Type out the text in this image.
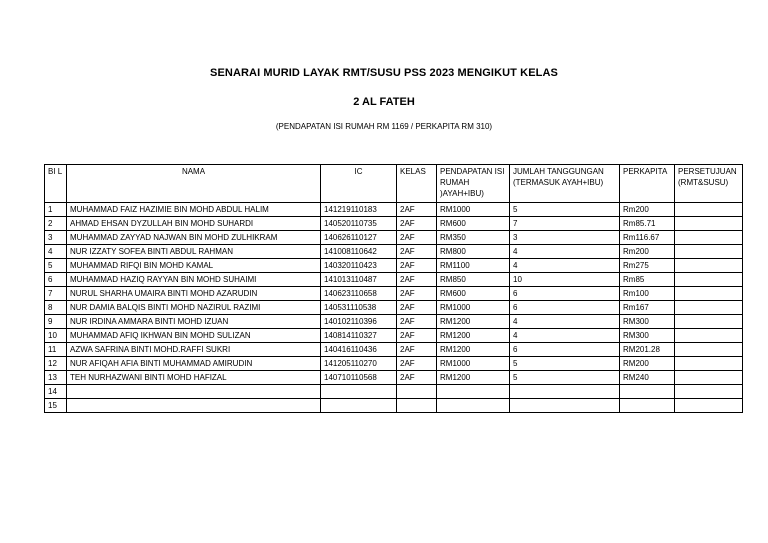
SENARAI MURID LAYAK RMT/SUSU PSS 2023 MENGIKUT KELAS
2 AL FATEH
(PENDAPATAN ISI RUMAH RM 1169 / PERKAPITA RM 310)
BI L	NAMA	IC	KELAS	PENDAPATAN ISI RUMAH )AYAH+IBU)	JUMLAH TANGGUNGAN (TERMASUK AYAH+IBU)	PERKAPITA	PERSETUJUAN (RMT&SUSU)
1	MUHAMMAD FAIZ HAZIMIE BIN MOHD ABDUL HALIM	141219110183	2AF	RM1000	5	Rm200	
2	AHMAD EHSAN DYZULLAH BIN MOHD SUHARDI	140520110735	2AF	RM600	7	Rm85.71	
3	MUHAMMAD ZAYYAD NAJWAN BIN MOHD ZULHIKRAM	140626110127	2AF	RM350	3	Rm116.67	
4	NUR IZZATY SOFEA BINTI ABDUL RAHMAN	141008110642	2AF	RM800	4	Rm200	
5	MUHAMMAD RIFQI BIN MOHD KAMAL	140320110423	2AF	RM1100	4	Rm275	
6	MUHAMMAD HAZIQ RAYYAN BIN MOHD SUHAIMI	141013110487	2AF	RM850	10	Rm85	
7	NURUL SHARHA UMAIRA BINTI MOHD AZARUDIN	140623110658	2AF	RM600	6	Rm100	
8	NUR DAMIA BALQIS BINTI MOHD NAZIRUL RAZIMI	140531110538	2AF	RM1000	6	Rm167	
9	NUR IRDINA AMMARA BINTI MOHD IZUAN	140102110396	2AF	RM1200	4	RM300	
10	MUHAMMAD AFIQ IKHWAN BIN MOHD SULIZAN	140814110327	2AF	RM1200	4	RM300	
11	AZWA SAFRINA BINTI MOHD.RAFFI SUKRI	140416110436	2AF	RM1200	6	RM201.28	
12	NUR AFIQAH AFIA BINTI MUHAMMAD AMIRUDIN	141205110270	2AF	RM1000	5	RM200	
13	TEH NURHAZWANI BINTI MOHD HAFIZAL	140710110568	2AF	RM1200	5	RM240	
14							
15							
